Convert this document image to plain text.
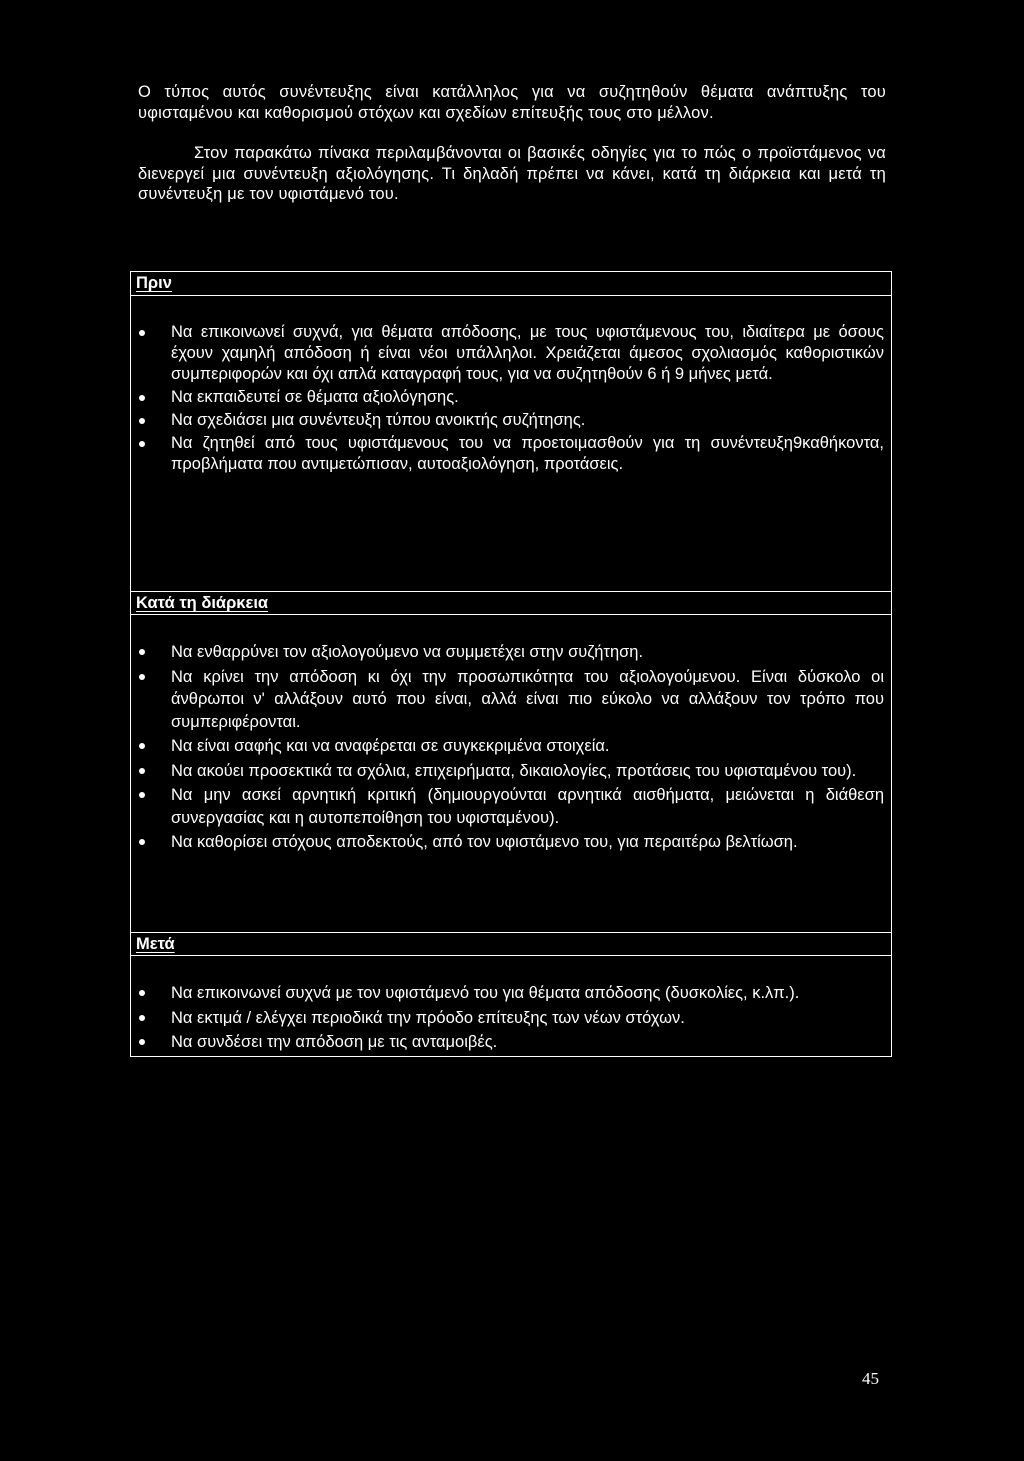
Ο τύπος αυτός συνέντευξης είναι κατάλληλος για να συζητηθούν θέματα ανάπτυξης του υφισταμένου και καθορισμού στόχων και σχεδίων επίτευξής τους στο μέλλον.

Στον παρακάτω πίνακα περιλαμβάνονται οι βασικές οδηγίες για το πώς ο προϊστάμενος να διενεργεί μια συνέντευξη αξιολόγησης. Τι δηλαδή πρέπει να κάνει, κατά τη διάρκεια και μετά τη συνέντευξη με τον υφιστάμενό του.

Πριν
Να επικοινωνεί συχνά, για θέματα απόδοσης, με τους υφιστάμενους του, ιδιαίτερα με όσους έχουν χαμηλή απόδοση ή είναι νέοι υπάλληλοι. Χρειάζεται άμεσος σχολιασμός καθοριστικών συμπεριφορών και όχι απλά καταγραφή τους, για να συζητηθούν 6 ή 9 μήνες μετά.
Να εκπαιδευτεί σε θέματα αξιολόγησης.
Να σχεδιάσει μια συνέντευξη τύπου ανοικτής συζήτησης.
Να ζητηθεί από τους υφιστάμενους του να προετοιμασθούν για τη συνέντευξη9καθήκοντα, προβλήματα που αντιμετώπισαν, αυτοαξιολόγηση, προτάσεις.
Κατά τη διάρκεια
Να ενθαρρύνει τον αξιολογούμενο να συμμετέχει στην συζήτηση.
Να κρίνει την απόδοση κι όχι την προσωπικότητα του αξιολογούμενου. Είναι δύσκολο οι άνθρωποι ν' αλλάξουν αυτό που είναι, αλλά είναι πιο εύκολο να αλλάξουν τον τρόπο που συμπεριφέρονται.
Να είναι σαφής και να αναφέρεται σε συγκεκριμένα στοιχεία.
Να ακούει προσεκτικά τα σχόλια, επιχειρήματα, δικαιολογίες, προτάσεις του υφισταμένου του).
Να μην ασκεί αρνητική κριτική (δημιουργούνται αρνητικά αισθήματα, μειώνεται η διάθεση συνεργασίας και η αυτοπεποίθηση του υφισταμένου).
Να καθορίσει στόχους αποδεκτούς, από τον υφιστάμενο του, για περαιτέρω βελτίωση.
Μετά
Να επικοινωνεί συχνά με τον υφιστάμενό του για θέματα απόδοσης (δυσκολίες, κ.λπ.).
Να εκτιμά / ελέγχει περιοδικά την πρόοδο επίτευξης των νέων στόχων.
Να συνδέσει την απόδοση με τις ανταμοιβές.
45
